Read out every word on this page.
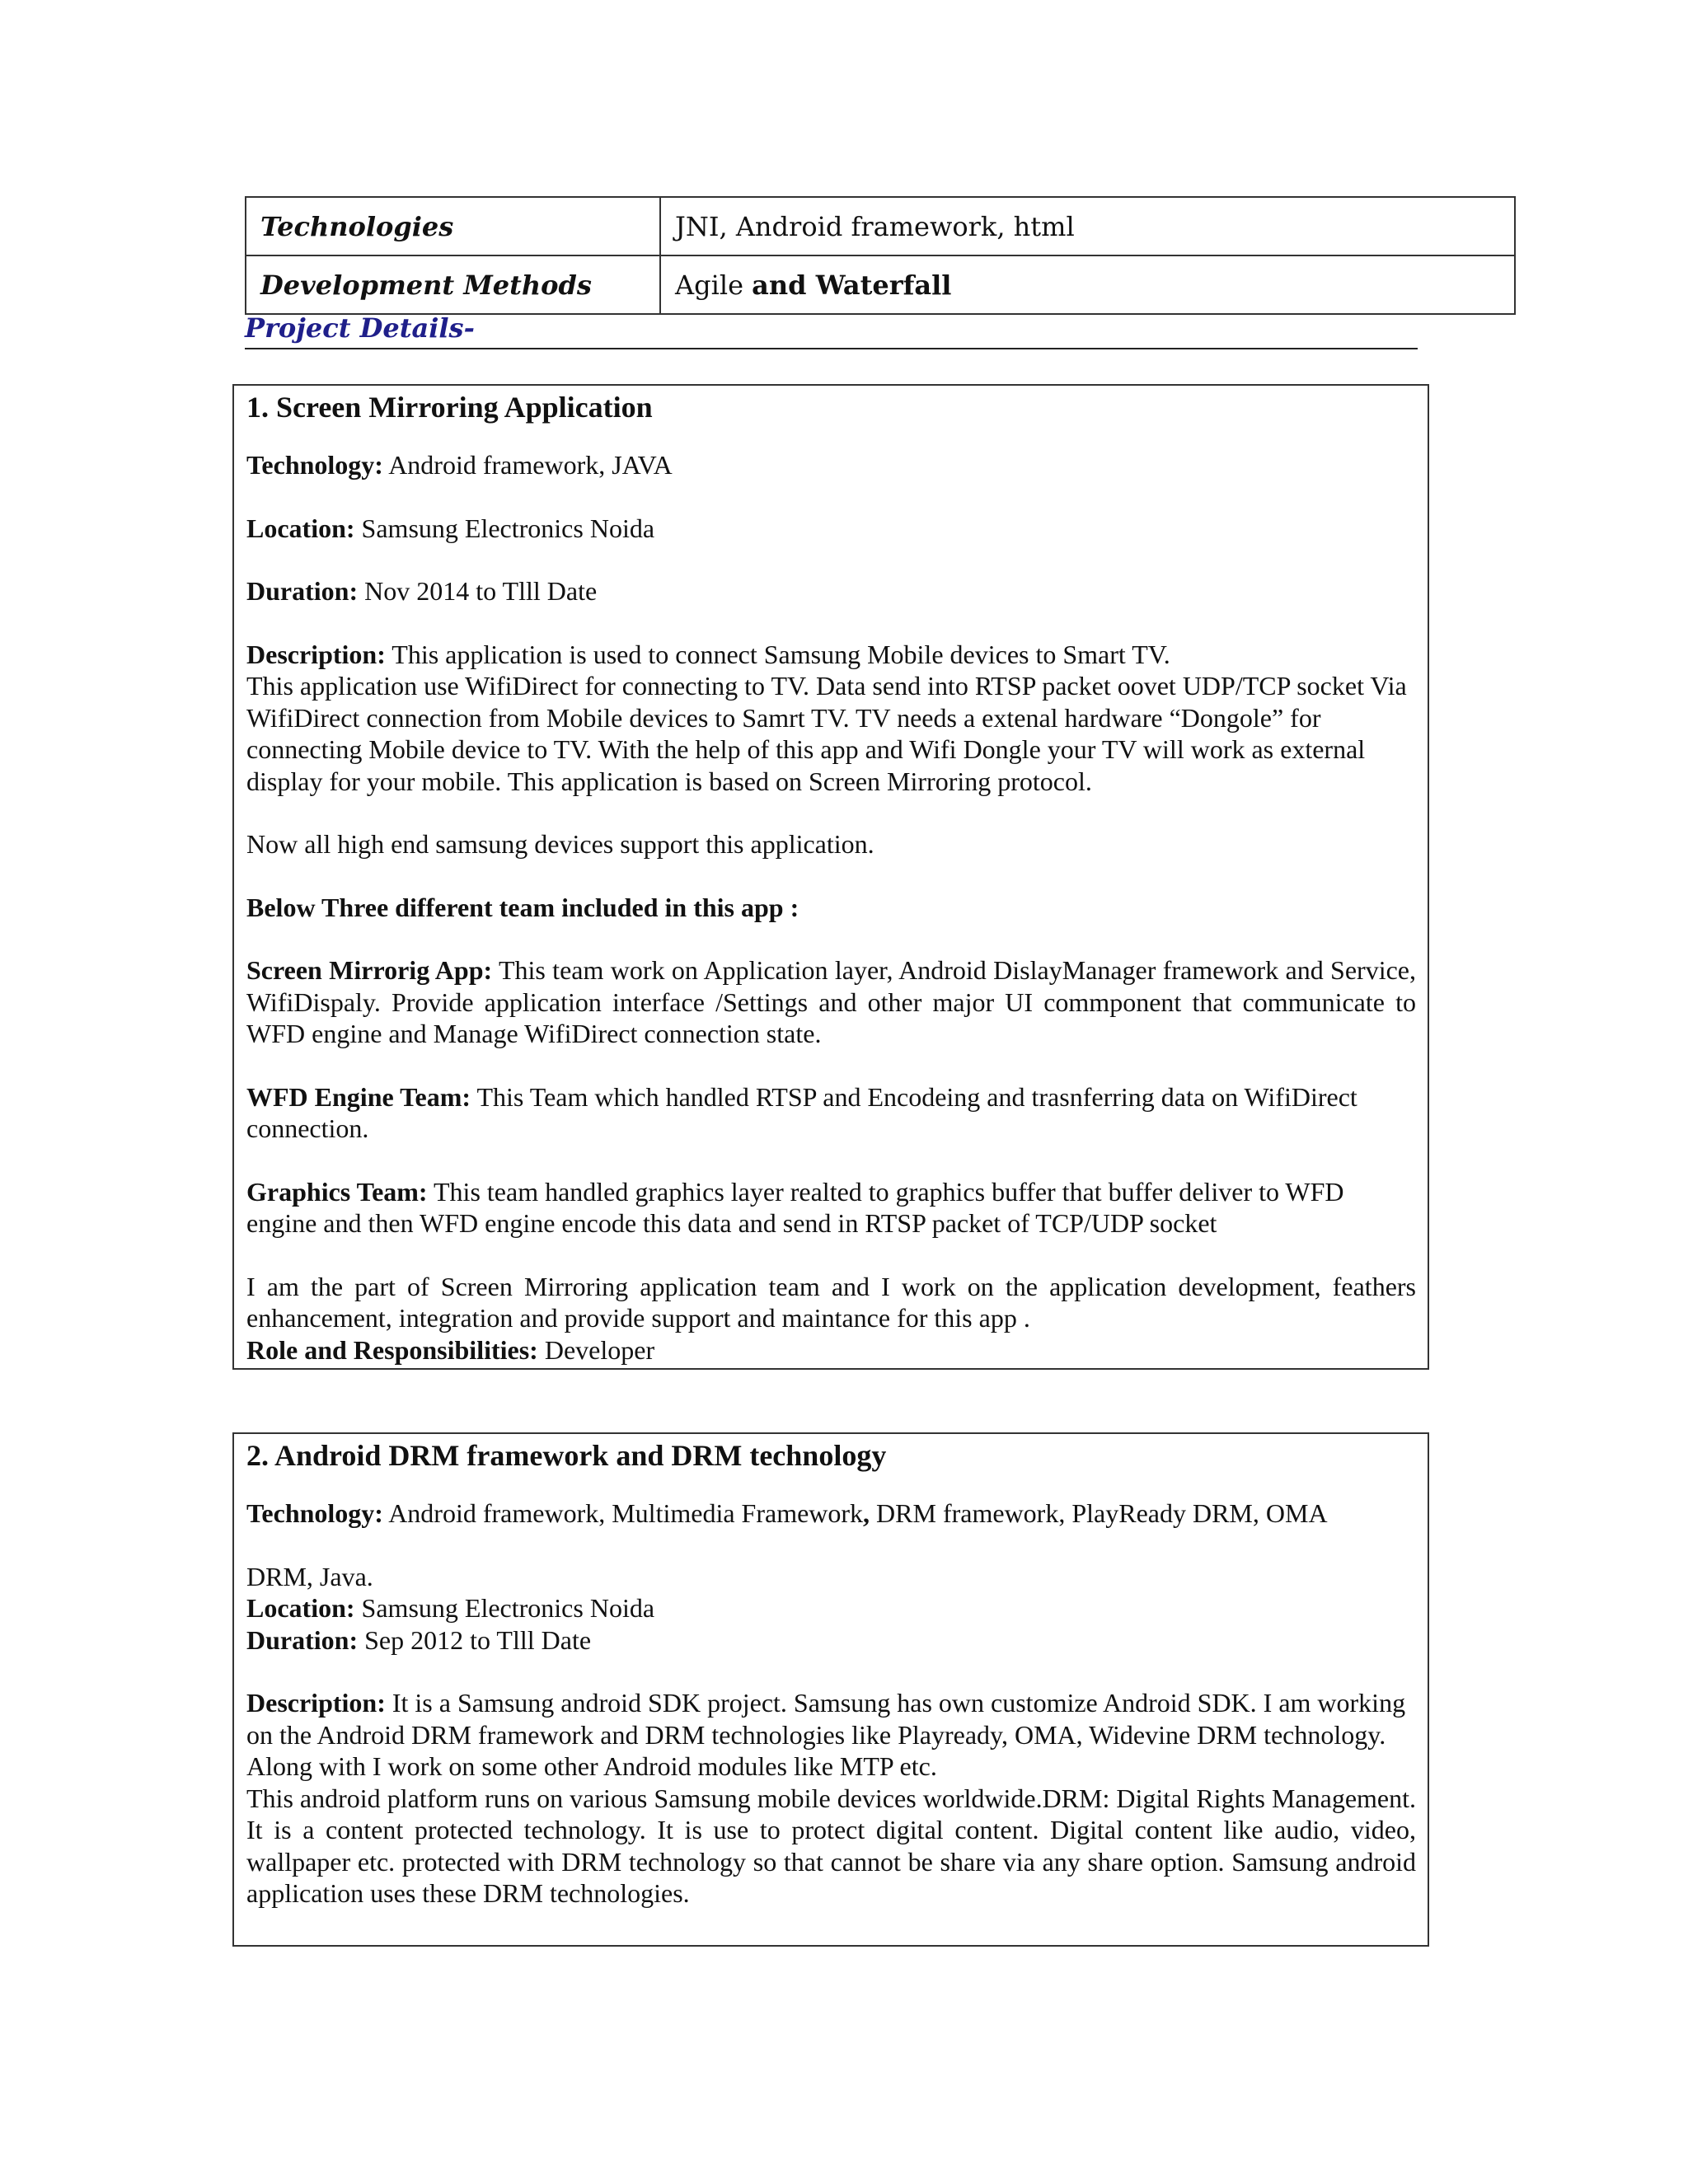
Technologies	JNI, Android framework, html
Development Methods	Agile and Waterfall
Project Details-
1. Screen Mirroring Application

Technology: Android framework, JAVA

Location: Samsung Electronics Noida

Duration: Nov 2014 to Tlll Date

Description: This application is used to connect Samsung Mobile devices to Smart TV.

This application use WifiDirect for connecting to TV. Data send into RTSP packet oovet UDP/TCP socket Via WifiDirect connection from Mobile devices to Samrt TV. TV needs a extenal hardware “Dongole” for connecting Mobile device to TV. With the help of this app and Wifi Dongle your TV will work as external display for your mobile. This application is based on Screen Mirroring protocol.

Now all high end samsung devices support this application.

Below Three different team included in this app :

Screen Mirrorig App: This team work on Application layer, Android DislayManager framework and Service, WifiDispaly. Provide application interface /Settings and other major UI commponent that communicate to WFD engine and Manage WifiDirect connection state.

WFD Engine Team: This Team which handled RTSP and Encodeing and trasnferring data on WifiDirect connection.

Graphics Team: This team handled graphics layer realted to graphics buffer that buffer deliver to WFD engine and then WFD engine encode this data and send in RTSP packet of TCP/UDP socket

I am the part of Screen Mirroring application team and I work on the application development, feathers enhancement, integration and provide support and maintance for this app .

Role and Responsibilities: Developer

2. Android DRM framework and DRM technology

Technology: Android framework, Multimedia Framework, DRM framework, PlayReady DRM, OMA

DRM, Java.

Location: Samsung Electronics Noida

Duration: Sep 2012 to Tlll Date

Description: It is a Samsung android SDK project. Samsung has own customize Android SDK. I am working on the Android DRM framework and DRM technologies like Playready, OMA, Widevine DRM technology. Along with I work on some other Android modules like MTP etc.

This android platform runs on various Samsung mobile devices worldwide.DRM: Digital Rights Management. It is a content protected technology. It is use to protect digital content. Digital content like audio, video, wallpaper etc. protected with DRM technology so that cannot be share via any share option. Samsung android application uses these DRM technologies.
